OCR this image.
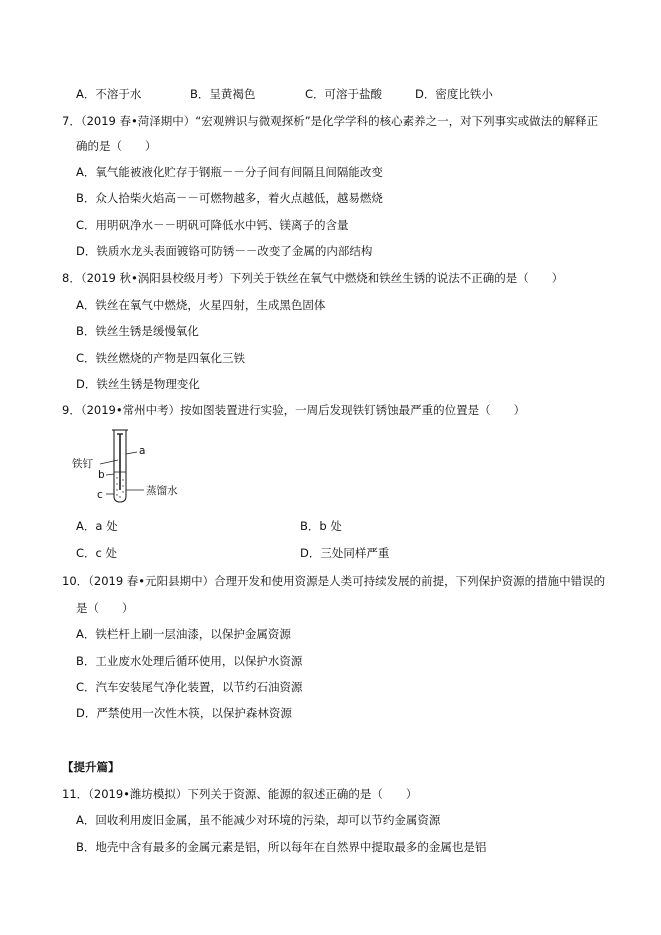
A．不溶于水	B．呈黄褐色	C．可溶于盐酸	D．密度比铁小
7．（2019 春•菏泽期中）“宏观辨识与微观探析”是化学学科的核心素养之一，对下列事实或做法的解释正
确的是（　　）
A．氧气能被液化贮存于钢瓶－－分子间有间隔且间隔能改变
B．众人拾柴火焰高－－可燃物越多，着火点越低，越易燃烧
C．用明矾净水－－明矾可降低水中钙、镁离子的含量
D．铁质水龙头表面镀铬可防锈－－改变了金属的内部结构
8．（2019 秋•涡阳县校级月考）下列关于铁丝在氧气中燃烧和铁丝生锈的说法不正确的是（　　）
A．铁丝在氧气中燃烧，火星四射，生成黑色固体
B．铁丝生锈是缓慢氧化
C．铁丝燃烧的产物是四氧化三铁
D．铁丝生锈是物理变化
9．（2019•常州中考）按如图装置进行实验，一周后发现铁钉锈蚀最严重的位置是（　　）
a
b
c
铁钉
蒸馏水
A．a 处	B．b 处
C．c 处	D．三处同样严重
10．（2019 春•元阳县期中）合理开发和使用资源是人类可持续发展的前提，下列保护资源的措施中错误的
是（　　）
A．铁栏杆上刷一层油漆，以保护金属资源
B．工业废水处理后循环使用，以保护水资源
C．汽车安装尾气净化装置，以节约石油资源
D．严禁使用一次性木筷，以保护森林资源
【提升篇】
11．（2019•潍坊模拟）下列关于资源、能源的叙述正确的是（　　）
A．回收利用废旧金属，虽不能减少对环境的污染，却可以节约金属资源
B．地壳中含有最多的金属元素是铝，所以每年在自然界中提取最多的金属也是铝
